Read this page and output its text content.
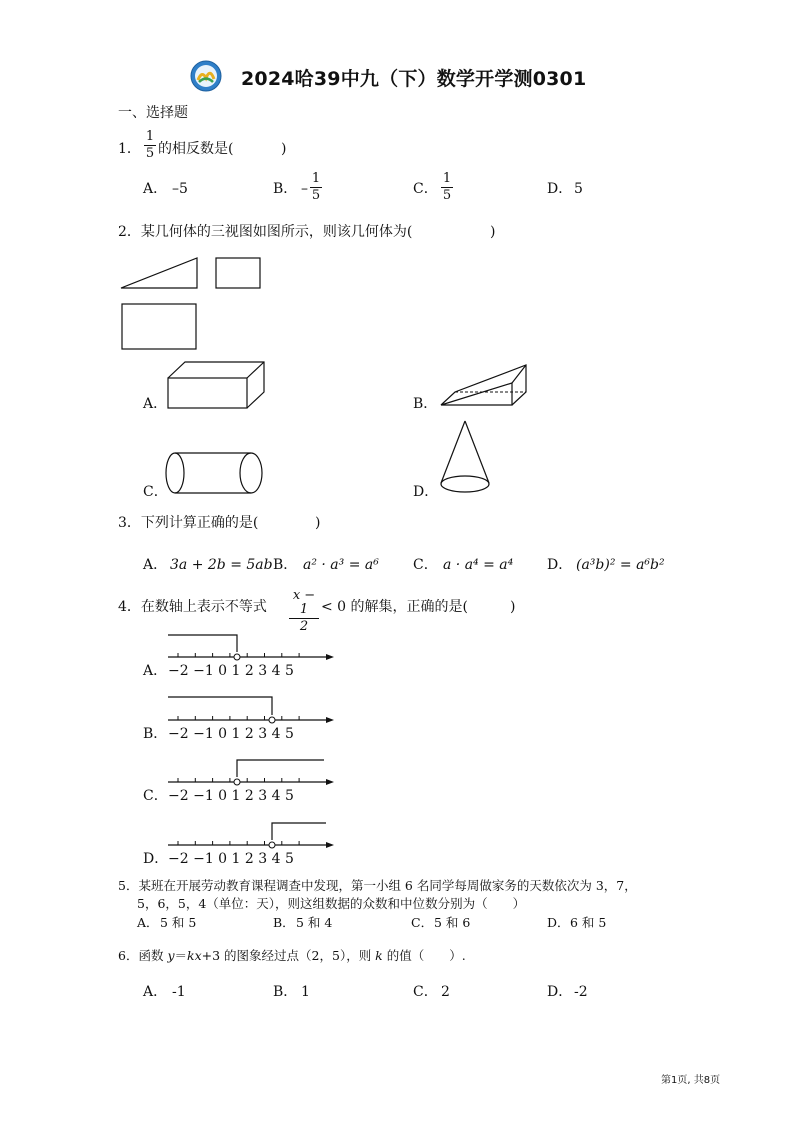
2024哈39中九（下）数学开学测0301
一、选择题
1．
1
5 的相反数是(	)
A． –5	B． –
1
5	C．
1
5	D． 5
2．某几何体的三视图如图所示，则该几何体为(	)
A．	B．
C．	D．
3．下列计算正确的是(	)
A． 3a + 2b = 5ab B． a² · a³ = a⁶ C． a · a⁴ = a⁴ D． (a³b)² = a⁶b²
4．在数轴上表示不等式
x − 1
2
< 0 的解集，正确的是(	)
A． −2 −1 0 1 2 3 4 5
B． −2 −1 0 1 2 3 4 5
C． −2 −1 0 1 2 3 4 5
D． −2 −1 0 1 2 3 4 5
5．某班在开展劳动教育课程调查中发现，第一小组 6 名同学每周做家务的天数依次为 3，7，
5，6，5，4（单位：天），则这组数据的众数和中位数分别为（　　）
A． 5 和 5	B． 5 和 4	C． 5 和 6	D． 6 和 5
6．函数 y＝kx+3 的图象经过点（2，5），则 k 的值（　　）.
A． -1	B． 1	C． 2	D． -2
第1页, 共8页
